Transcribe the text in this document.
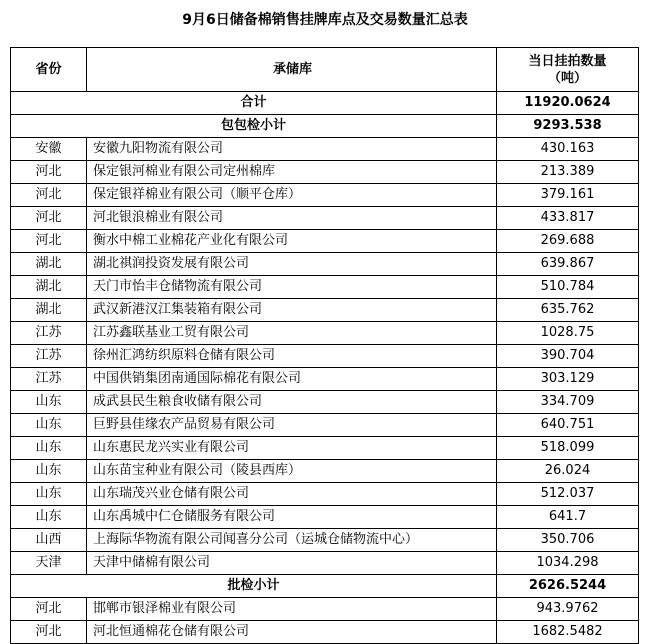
9月6日储备棉销售挂牌库点及交易数量汇总表
省份	承储库	当日挂拍数量
（吨）
合计		11920.0624
包包检小计		9293.538
安徽	安徽九阳物流有限公司	430.163
河北	保定银河棉业有限公司定州棉库	213.389
河北	保定银祥棉业有限公司（顺平仓库）	379.161
河北	河北银浪棉业有限公司	433.817
河北	衡水中棉工业棉花产业化有限公司	269.688
湖北	湖北祺润投资发展有限公司	639.867
湖北	天门市怡丰仓储物流有限公司	510.784
湖北	武汉新港汉江集装箱有限公司	635.762
江苏	江苏鑫联基业工贸有限公司	1028.75
江苏	徐州汇鸿纺织原料仓储有限公司	390.704
江苏	中国供销集团南通国际棉花有限公司	303.129
山东	成武县民生粮食收储有限公司	334.709
山东	巨野县佳缘农产品贸易有限公司	640.751
山东	山东惠民龙兴实业有限公司	518.099
山东	山东苗宝种业有限公司（陵县西库）	26.024
山东	山东瑞茂兴业仓储有限公司	512.037
山东	山东禹城中仁仓储服务有限公司	641.7
山西	上海际华物流有限公司闻喜分公司（运城仓储物流中心）	350.706
天津	天津中储棉有限公司	1034.298
批检小计		2626.5244
河北	邯郸市银泽棉业有限公司	943.9762
河北	河北恒通棉花仓储有限公司	1682.5482
